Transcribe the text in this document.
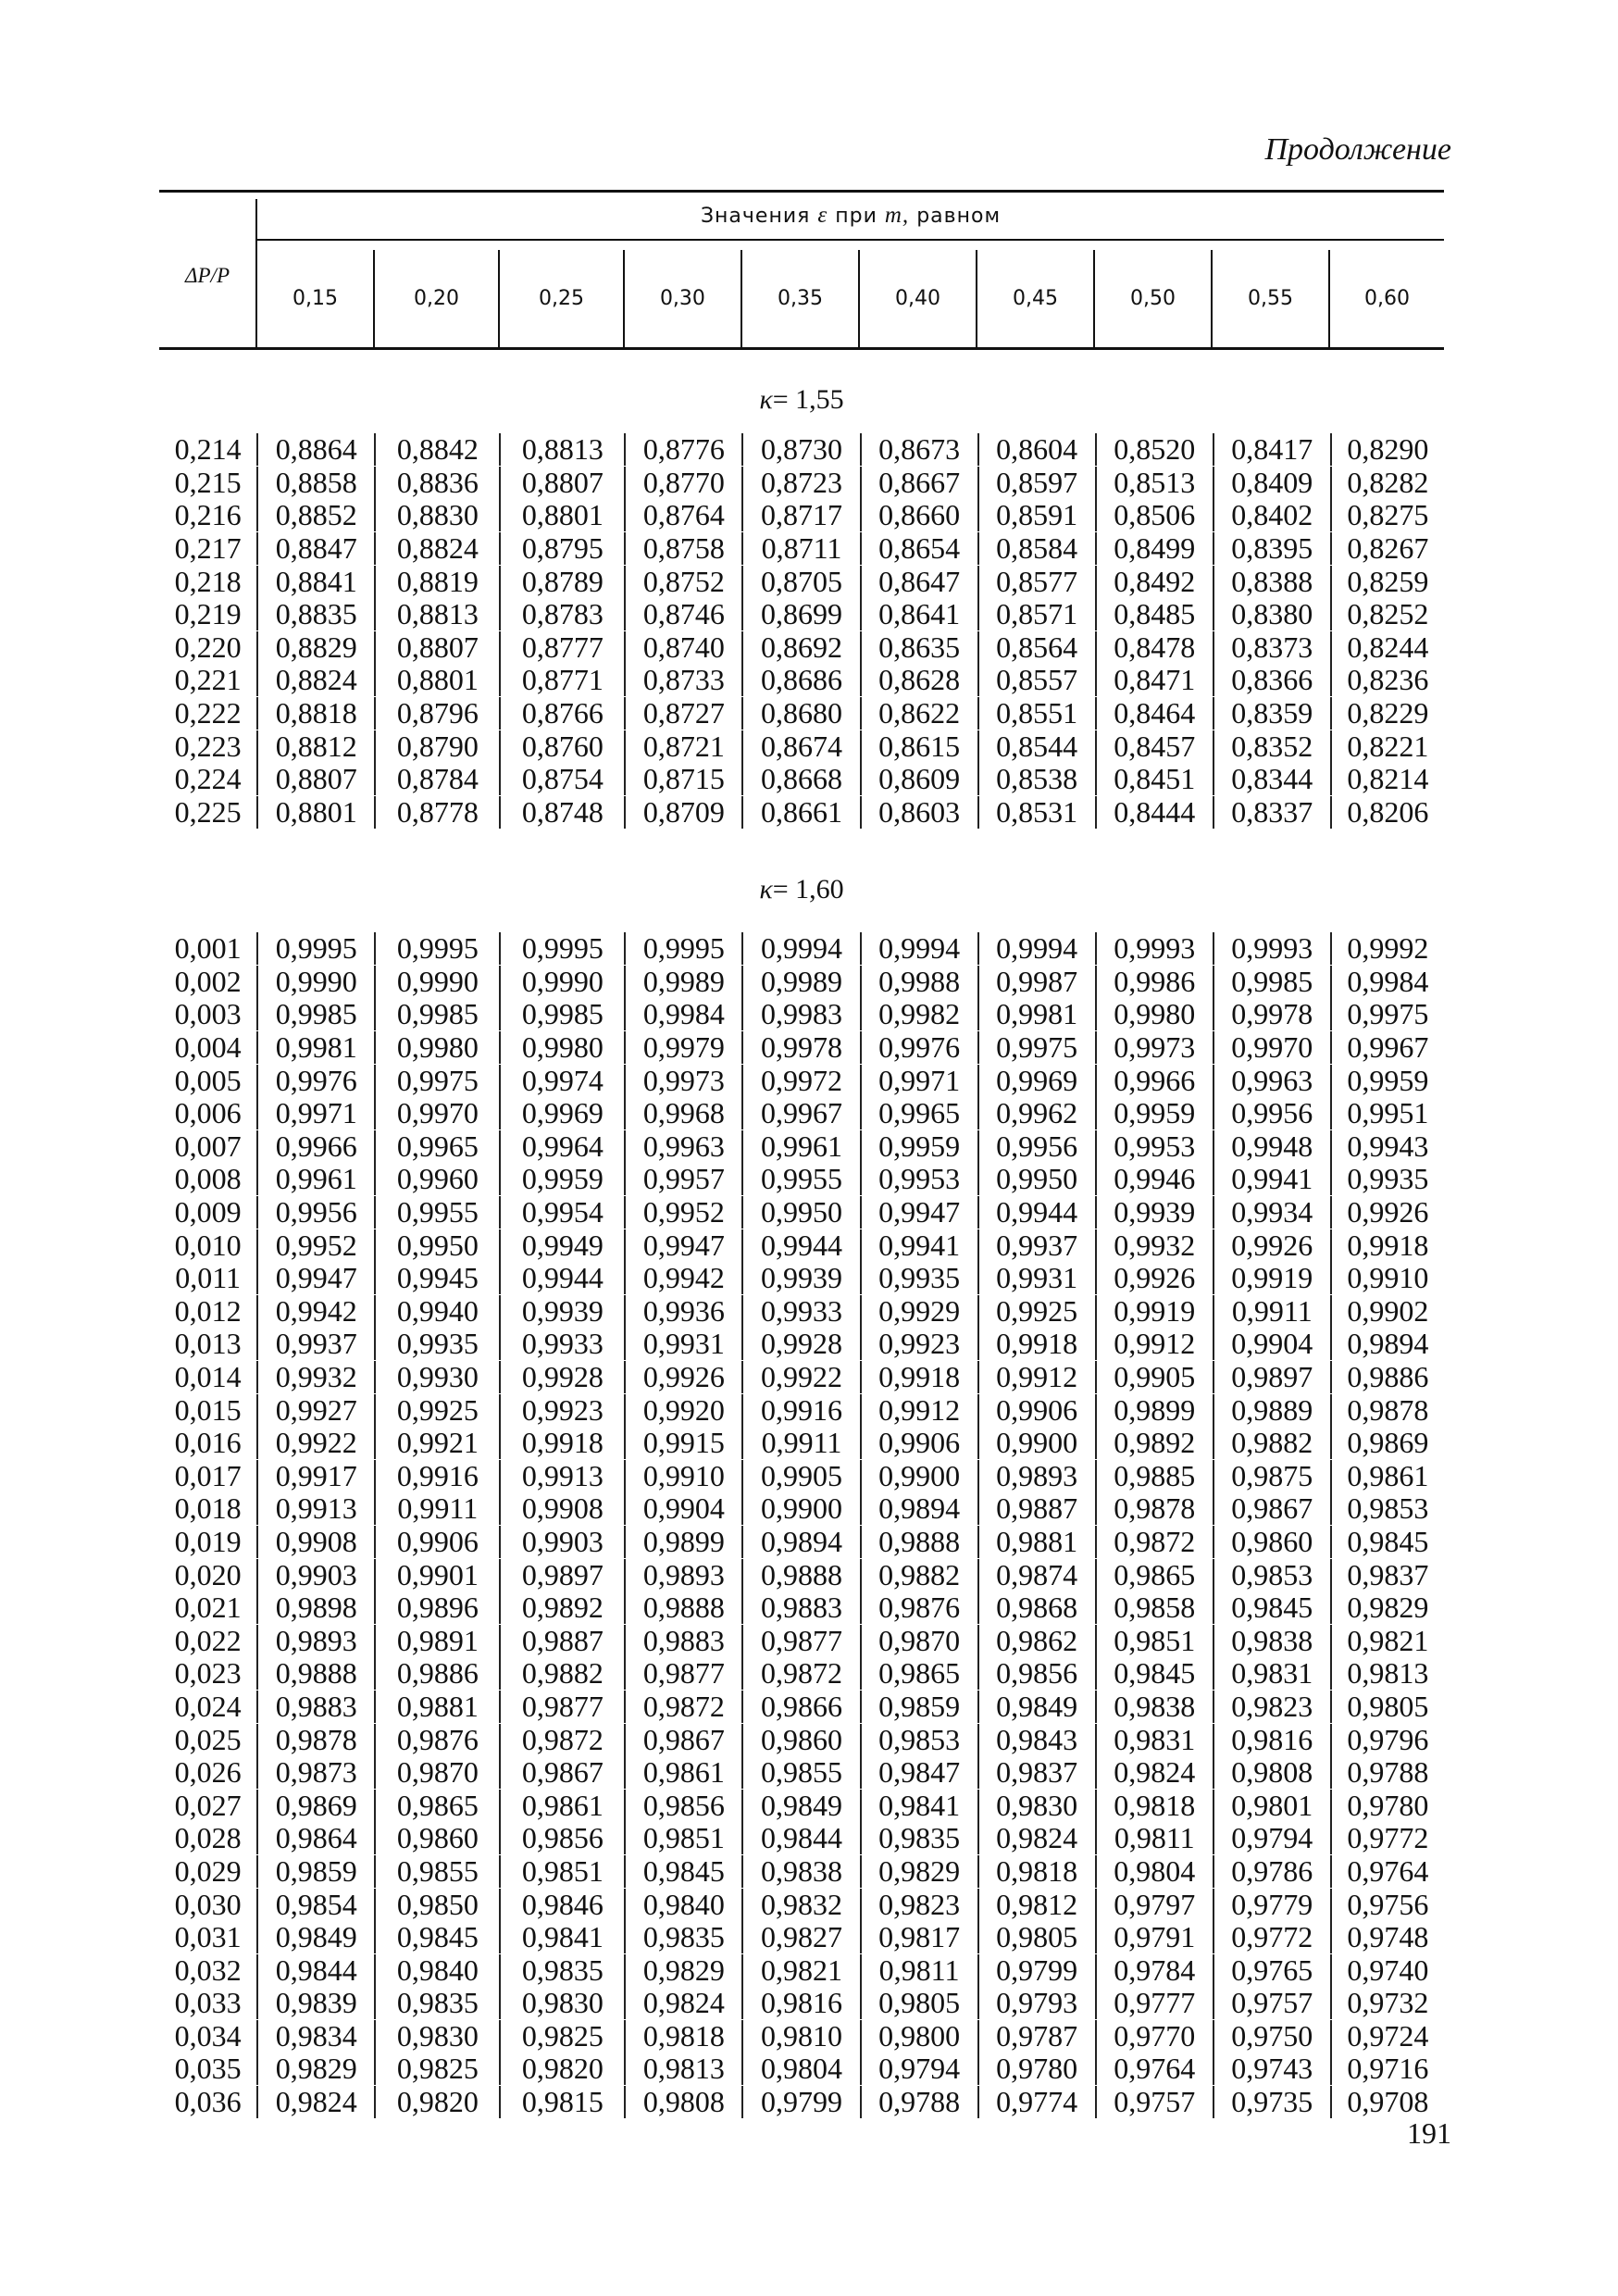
Продолжение
ΔP/P
Значения ε при m, равном
0,15	0,20	0,25	0,30	0,35	0,40	0,45	0,50	0,55	0,60
κ= 1,55
0,214	0,8864	0,8842	0,8813	0,8776	0,8730	0,8673	0,8604	0,8520	0,8417	0,8290
0,215	0,8858	0,8836	0,8807	0,8770	0,8723	0,8667	0,8597	0,8513	0,8409	0,8282
0,216	0,8852	0,8830	0,8801	0,8764	0,8717	0,8660	0,8591	0,8506	0,8402	0,8275
0,217	0,8847	0,8824	0,8795	0,8758	0,8711	0,8654	0,8584	0,8499	0,8395	0,8267
0,218	0,8841	0,8819	0,8789	0,8752	0,8705	0,8647	0,8577	0,8492	0,8388	0,8259
0,219	0,8835	0,8813	0,8783	0,8746	0,8699	0,8641	0,8571	0,8485	0,8380	0,8252
0,220	0,8829	0,8807	0,8777	0,8740	0,8692	0,8635	0,8564	0,8478	0,8373	0,8244
0,221	0,8824	0,8801	0,8771	0,8733	0,8686	0,8628	0,8557	0,8471	0,8366	0,8236
0,222	0,8818	0,8796	0,8766	0,8727	0,8680	0,8622	0,8551	0,8464	0,8359	0,8229
0,223	0,8812	0,8790	0,8760	0,8721	0,8674	0,8615	0,8544	0,8457	0,8352	0,8221
0,224	0,8807	0,8784	0,8754	0,8715	0,8668	0,8609	0,8538	0,8451	0,8344	0,8214
0,225	0,8801	0,8778	0,8748	0,8709	0,8661	0,8603	0,8531	0,8444	0,8337	0,8206
κ= 1,60
0,001	0,9995	0,9995	0,9995	0,9995	0,9994	0,9994	0,9994	0,9993	0,9993	0,9992
0,002	0,9990	0,9990	0,9990	0,9989	0,9989	0,9988	0,9987	0,9986	0,9985	0,9984
0,003	0,9985	0,9985	0,9985	0,9984	0,9983	0,9982	0,9981	0,9980	0,9978	0,9975
0,004	0,9981	0,9980	0,9980	0,9979	0,9978	0,9976	0,9975	0,9973	0,9970	0,9967
0,005	0,9976	0,9975	0,9974	0,9973	0,9972	0,9971	0,9969	0,9966	0,9963	0,9959
0,006	0,9971	0,9970	0,9969	0,9968	0,9967	0,9965	0,9962	0,9959	0,9956	0,9951
0,007	0,9966	0,9965	0,9964	0,9963	0,9961	0,9959	0,9956	0,9953	0,9948	0,9943
0,008	0,9961	0,9960	0,9959	0,9957	0,9955	0,9953	0,9950	0,9946	0,9941	0,9935
0,009	0,9956	0,9955	0,9954	0,9952	0,9950	0,9947	0,9944	0,9939	0,9934	0,9926
0,010	0,9952	0,9950	0,9949	0,9947	0,9944	0,9941	0,9937	0,9932	0,9926	0,9918
0,011	0,9947	0,9945	0,9944	0,9942	0,9939	0,9935	0,9931	0,9926	0,9919	0,9910
0,012	0,9942	0,9940	0,9939	0,9936	0,9933	0,9929	0,9925	0,9919	0,9911	0,9902
0,013	0,9937	0,9935	0,9933	0,9931	0,9928	0,9923	0,9918	0,9912	0,9904	0,9894
0,014	0,9932	0,9930	0,9928	0,9926	0,9922	0,9918	0,9912	0,9905	0,9897	0,9886
0,015	0,9927	0,9925	0,9923	0,9920	0,9916	0,9912	0,9906	0,9899	0,9889	0,9878
0,016	0,9922	0,9921	0,9918	0,9915	0,9911	0,9906	0,9900	0,9892	0,9882	0,9869
0,017	0,9917	0,9916	0,9913	0,9910	0,9905	0,9900	0,9893	0,9885	0,9875	0,9861
0,018	0,9913	0,9911	0,9908	0,9904	0,9900	0,9894	0,9887	0,9878	0,9867	0,9853
0,019	0,9908	0,9906	0,9903	0,9899	0,9894	0,9888	0,9881	0,9872	0,9860	0,9845
0,020	0,9903	0,9901	0,9897	0,9893	0,9888	0,9882	0,9874	0,9865	0,9853	0,9837
0,021	0,9898	0,9896	0,9892	0,9888	0,9883	0,9876	0,9868	0,9858	0,9845	0,9829
0,022	0,9893	0,9891	0,9887	0,9883	0,9877	0,9870	0,9862	0,9851	0,9838	0,9821
0,023	0,9888	0,9886	0,9882	0,9877	0,9872	0,9865	0,9856	0,9845	0,9831	0,9813
0,024	0,9883	0,9881	0,9877	0,9872	0,9866	0,9859	0,9849	0,9838	0,9823	0,9805
0,025	0,9878	0,9876	0,9872	0,9867	0,9860	0,9853	0,9843	0,9831	0,9816	0,9796
0,026	0,9873	0,9870	0,9867	0,9861	0,9855	0,9847	0,9837	0,9824	0,9808	0,9788
0,027	0,9869	0,9865	0,9861	0,9856	0,9849	0,9841	0,9830	0,9818	0,9801	0,9780
0,028	0,9864	0,9860	0,9856	0,9851	0,9844	0,9835	0,9824	0,9811	0,9794	0,9772
0,029	0,9859	0,9855	0,9851	0,9845	0,9838	0,9829	0,9818	0,9804	0,9786	0,9764
0,030	0,9854	0,9850	0,9846	0,9840	0,9832	0,9823	0,9812	0,9797	0,9779	0,9756
0,031	0,9849	0,9845	0,9841	0,9835	0,9827	0,9817	0,9805	0,9791	0,9772	0,9748
0,032	0,9844	0,9840	0,9835	0,9829	0,9821	0,9811	0,9799	0,9784	0,9765	0,9740
0,033	0,9839	0,9835	0,9830	0,9824	0,9816	0,9805	0,9793	0,9777	0,9757	0,9732
0,034	0,9834	0,9830	0,9825	0,9818	0,9810	0,9800	0,9787	0,9770	0,9750	0,9724
0,035	0,9829	0,9825	0,9820	0,9813	0,9804	0,9794	0,9780	0,9764	0,9743	0,9716
0,036	0,9824	0,9820	0,9815	0,9808	0,9799	0,9788	0,9774	0,9757	0,9735	0,9708
191
